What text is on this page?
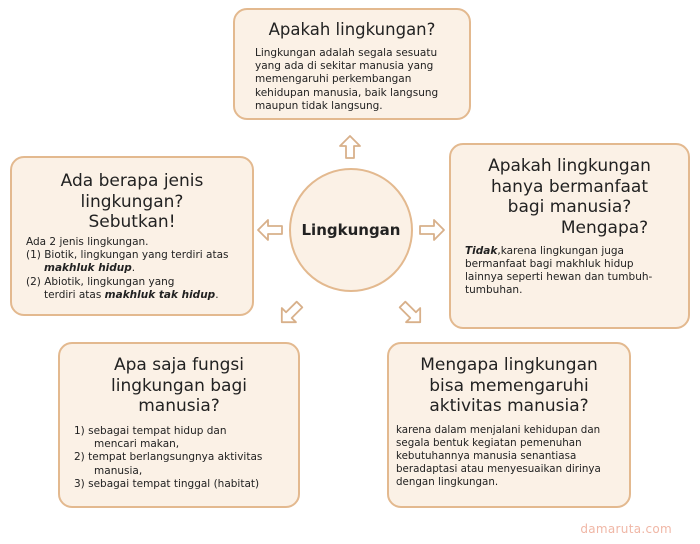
Apakah lingkungan?
Lingkungan adalah segala sesuatu
yang ada di sekitar manusia yang
memengaruhi perkembangan
kehidupan manusia, baik langsung
maupun tidak langsung.
Ada berapa jenis
lingkungan?
Sebutkan!
Ada 2 jenis lingkungan.
(1) Biotik, lingkungan yang terdiri atas
makhluk hidup.
(2) Abiotik, lingkungan yang
terdiri atas makhluk tak hidup.
Apakah lingkungan
hanya bermanfaat
bagi manusia?
Mengapa?
Tidak,karena lingkungan juga
bermanfaat bagi makhluk hidup
lainnya seperti hewan dan tumbuh-
tumbuhan.
Apa saja fungsi
lingkungan bagi
manusia?
1) sebagai tempat hidup dan
mencari makan,
2) tempat berlangsungnya aktivitas
manusia,
3) sebagai tempat tinggal (habitat)
Mengapa lingkungan
bisa memengaruhi
aktivitas manusia?
karena dalam menjalani kehidupan dan
segala bentuk kegiatan pemenuhan
kebutuhannya manusia senantiasa
beradaptasi atau menyesuaikan dirinya
dengan lingkungan.
Lingkungan
damaruta.com
